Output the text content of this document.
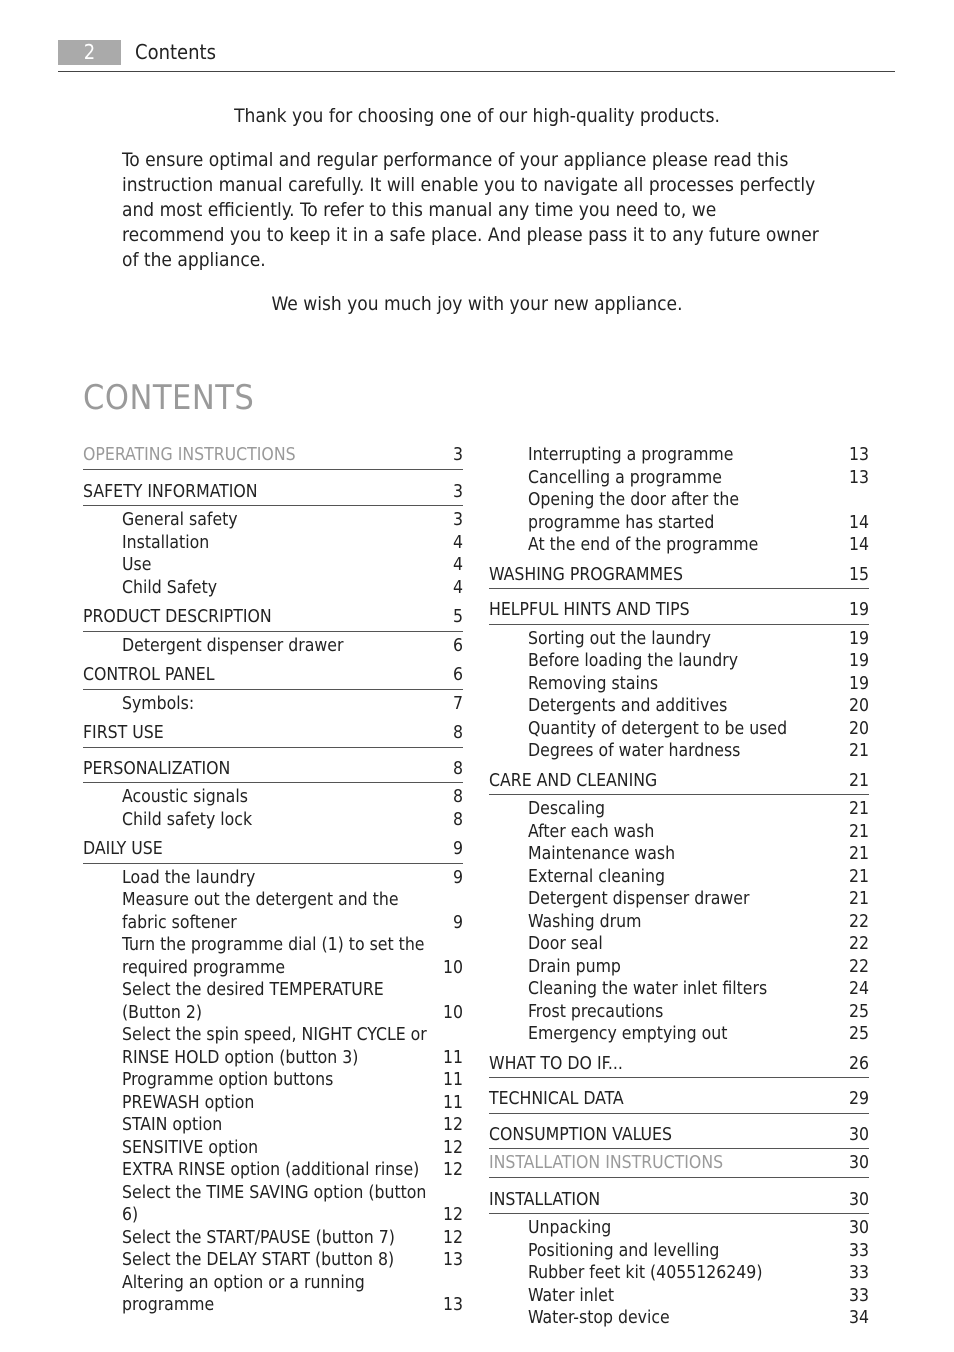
2	Contents
Thank you for choosing one of our high-quality products.
To ensure optimal and regular performance of your appliance please read this instruction manual carefully. It will enable you to navigate all processes perfectly and most efficiently. To refer to this manual any time you need to, we recommend you to keep it in a safe place. And please pass it to any future owner of the appliance.
We wish you much joy with your new appliance.
CONTENTS
OPERATING INSTRUCTIONS	3
SAFETY INFORMATION	3
General safety	3
Installation	4
Use	4
Child Safety	4
PRODUCT DESCRIPTION	5
Detergent dispenser drawer	6
CONTROL PANEL	6
Symbols:	7
FIRST USE	8
PERSONALIZATION	8
Acoustic signals	8
Child safety lock	8
DAILY USE	9
Load the laundry	9
Measure out the detergent and the fabric softener	9
Turn the programme dial (1) to set the required programme	10
Select the desired TEMPERATURE (Button 2)	10
Select the spin speed, NIGHT CYCLE or RINSE HOLD option (button 3)	11
Programme option buttons	11
PREWASH option	11
STAIN option	12
SENSITIVE option	12
EXTRA RINSE option (additional rinse)	12
Select the TIME SAVING option (button 6)	12
Select the START/PAUSE (button 7)	12
Select the DELAY START (button 8)	13
Altering an option or a running programme	13
Interrupting a programme	13
Cancelling a programme	13
Opening the door after the programme has started	14
At the end of the programme	14
WASHING PROGRAMMES	15
HELPFUL HINTS AND TIPS	19
Sorting out the laundry	19
Before loading the laundry	19
Removing stains	19
Detergents and additives	20
Quantity of detergent to be used	20
Degrees of water hardness	21
CARE AND CLEANING	21
Descaling	21
After each wash	21
Maintenance wash	21
External cleaning	21
Detergent dispenser drawer	21
Washing drum	22
Door seal	22
Drain pump	22
Cleaning the water inlet filters	24
Frost precautions	25
Emergency emptying out	25
WHAT TO DO IF...	26
TECHNICAL DATA	29
CONSUMPTION VALUES	30
INSTALLATION INSTRUCTIONS	30
INSTALLATION	30
Unpacking	30
Positioning and levelling	33
Rubber feet kit (4055126249)	33
Water inlet	33
Water-stop device	34
